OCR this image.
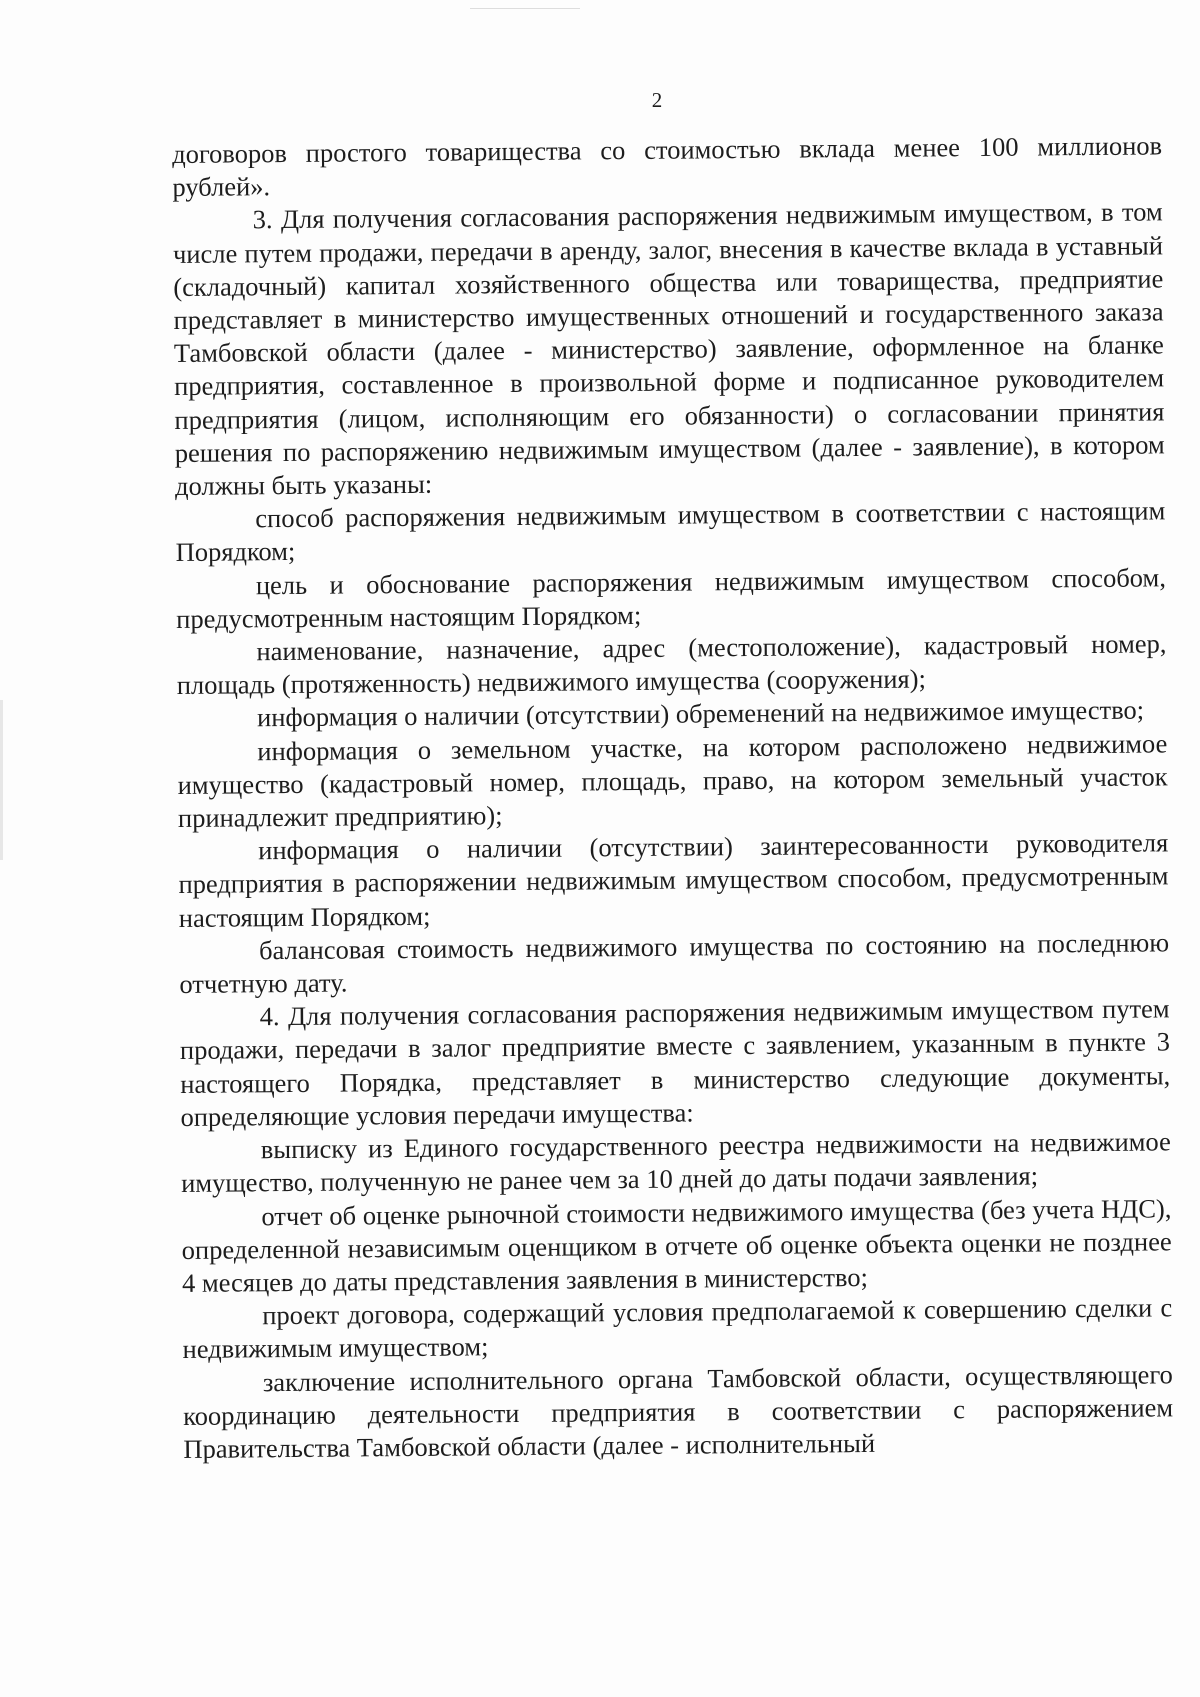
2

договоров простого товарищества со стоимостью вклада менее 100 миллионов рублей».

3. Для получения согласования распоряжения недвижимым имуществом, в том числе путем продажи, передачи в аренду, залог, внесения в качестве вклада в уставный (складочный) капитал хозяйственного общества или товарищества, предприятие представляет в министерство имущественных отношений и государственного заказа Тамбовской области (далее - министерство) заявление, оформленное на бланке предприятия, составленное в произвольной форме и подписанное руководителем предприятия (лицом, исполняющим его обязанности) о согласовании принятия решения по распоряжению недвижимым имуществом (далее - заявление), в котором должны быть указаны:

способ распоряжения недвижимым имуществом в соответствии с настоящим Порядком;

цель и обоснование распоряжения недвижимым имуществом способом, предусмотренным настоящим Порядком;

наименование, назначение, адрес (местоположение), кадастровый номер, площадь (протяженность) недвижимого имущества (сооружения);

информация о наличии (отсутствии) обременений на недвижимое имущество;

информация о земельном участке, на котором расположено недвижимое имущество (кадастровый номер, площадь, право, на котором земельный участок принадлежит предприятию);

информация о наличии (отсутствии) заинтересованности руководителя предприятия в распоряжении недвижимым имуществом способом, предусмотренным настоящим Порядком;

балансовая стоимость недвижимого имущества по состоянию на последнюю отчетную дату.

4. Для получения согласования распоряжения недвижимым имуществом путем продажи, передачи в залог предприятие вместе с заявлением, указанным в пункте 3 настоящего Порядка, представляет в министерство следующие документы, определяющие условия передачи имущества:

выписку из Единого государственного реестра недвижимости на недвижимое имущество, полученную не ранее чем за 10 дней до даты подачи заявления;

отчет об оценке рыночной стоимости недвижимого имущества (без учета НДС), определенной независимым оценщиком в отчете об оценке объекта оценки не позднее 4 месяцев до даты представления заявления в министерство;

проект договора, содержащий условия предполагаемой к совершению сделки с недвижимым имуществом;

заключение исполнительного органа Тамбовской области, осуществляющего координацию деятельности предприятия в соответствии с распоряжением Правительства Тамбовской области (далее - исполнительный
